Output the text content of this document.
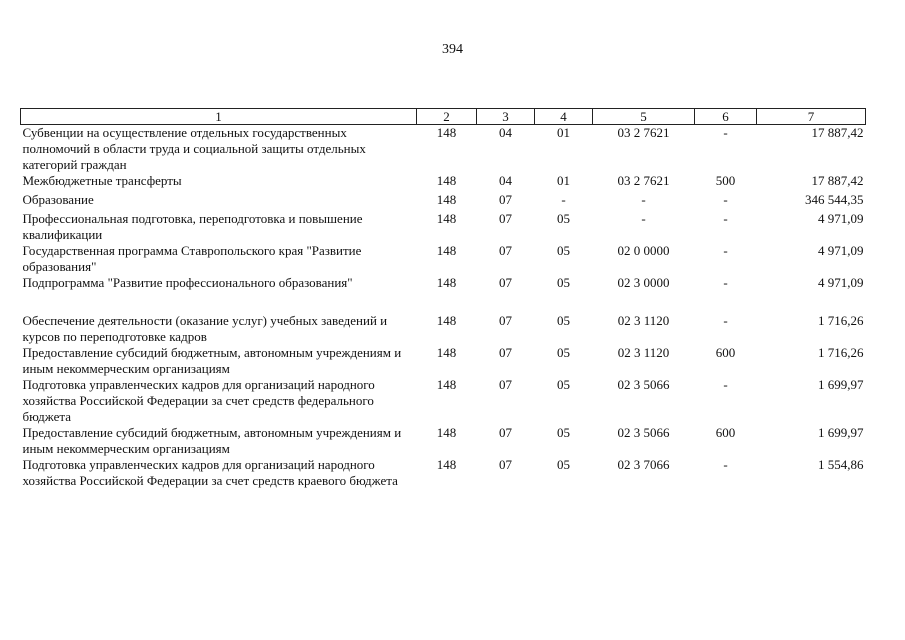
394
1	2	3	4	5	6	7
Субвенции на осуществление отдельных государственных полномочий в области труда и социальной защиты отдельных категорий граждан	148	04	01	03 2 7621	-	17 887,42
Межбюджетные трансферты	148	04	01	03 2 7621	500	17 887,42
Образование	148	07	-	-	-	346 544,35
Профессиональная подготовка, переподготовка и повышение квалификации	148	07	05	-	-	4 971,09
Государственная программа Ставропольского края "Развитие образования"	148	07	05	02 0 0000	-	4 971,09
Подпрограмма "Развитие профессионального образования"	148	07	05	02 3 0000	-	4 971,09
Обеспечение деятельности (оказание услуг) учебных заведений и курсов по переподготовке кадров	148	07	05	02 3 1120	-	1 716,26
Предоставление субсидий бюджетным, автономным учреждениям и иным некоммерческим организациям	148	07	05	02 3 1120	600	1 716,26
Подготовка управленческих кадров для организаций народного хозяйства Российской Федерации за счет средств федерального бюджета	148	07	05	02 3 5066	-	1 699,97
Предоставление субсидий бюджетным, автономным учреждениям и иным некоммерческим организациям	148	07	05	02 3 5066	600	1 699,97
Подготовка управленческих кадров для организаций народного хозяйства Российской Федерации за счет средств краевого бюджета	148	07	05	02 3 7066	-	1 554,86
